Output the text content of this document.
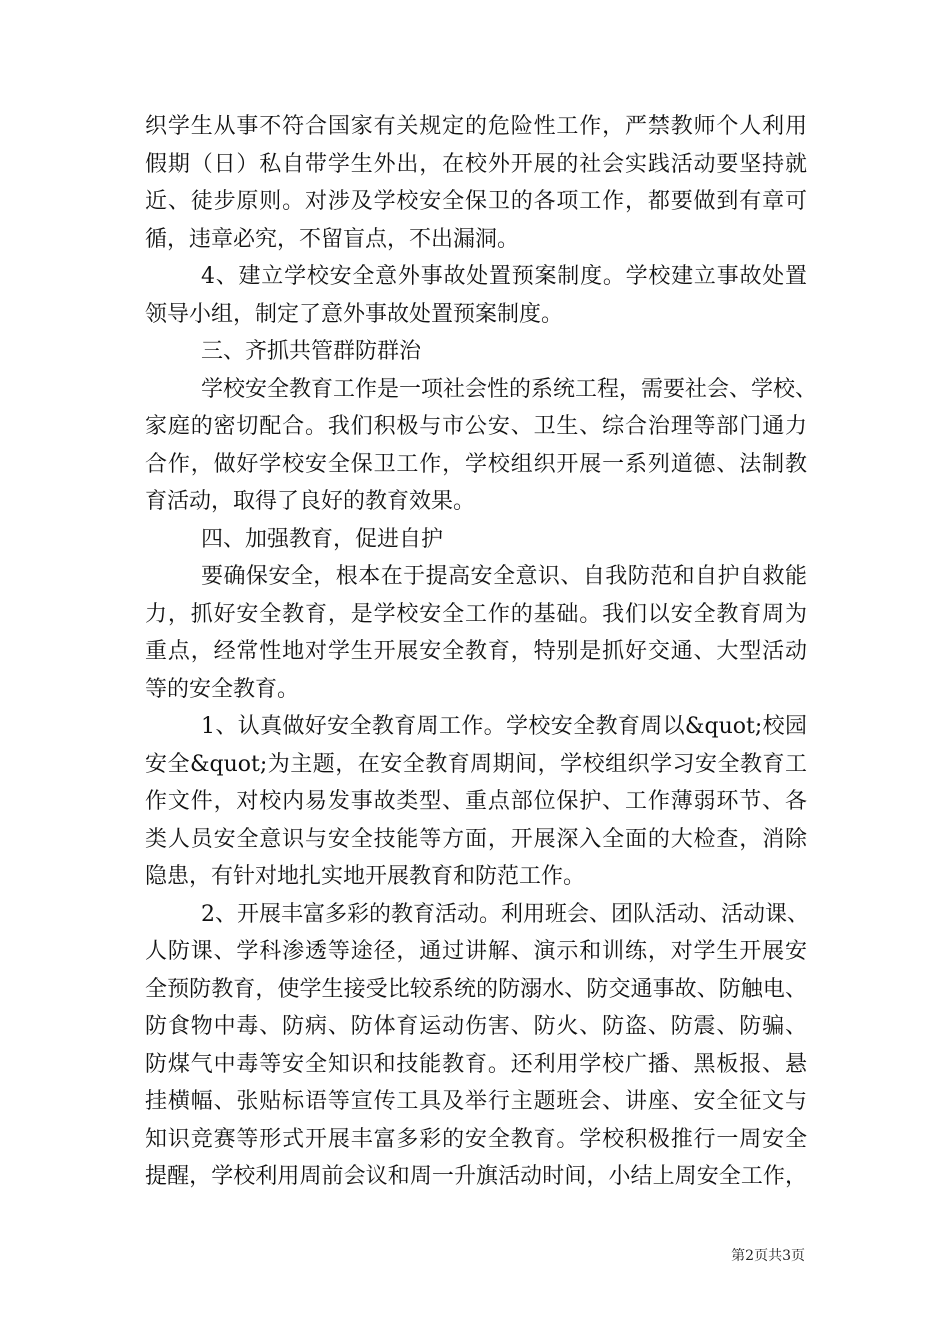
织学生从事不符合国家有关规定的危险性工作，严禁教师个人利用
假期（日）私自带学生外出，在校外开展的社会实践活动要坚持就
近、徒步原则。对涉及学校安全保卫的各项工作，都要做到有章可
循，违章必究，不留盲点，不出漏洞。
4、建立学校安全意外事故处置预案制度。学校建立事故处置
领导小组，制定了意外事故处置预案制度。
三、齐抓共管群防群治
学校安全教育工作是一项社会性的系统工程，需要社会、学校、
家庭的密切配合。我们积极与市公安、卫生、综合治理等部门通力
合作，做好学校安全保卫工作，学校组织开展一系列道德、法制教
育活动，取得了良好的教育效果。
四、加强教育，促进自护
要确保安全，根本在于提高安全意识、自我防范和自护自救能
力，抓好安全教育，是学校安全工作的基础。我们以安全教育周为
重点，经常性地对学生开展安全教育，特别是抓好交通、大型活动
等的安全教育。
1、认真做好安全教育周工作。学校安全教育周以&quot;校园
安全&quot;为主题，在安全教育周期间，学校组织学习安全教育工
作文件，对校内易发事故类型、重点部位保护、工作薄弱环节、各
类人员安全意识与安全技能等方面，开展深入全面的大检查，消除
隐患，有针对地扎实地开展教育和防范工作。
2、开展丰富多彩的教育活动。利用班会、团队活动、活动课、
人防课、学科渗透等途径，通过讲解、演示和训练，对学生开展安
全预防教育，使学生接受比较系统的防溺水、防交通事故、防触电、
防食物中毒、防病、防体育运动伤害、防火、防盗、防震、防骗、
防煤气中毒等安全知识和技能教育。还利用学校广播、黑板报、悬
挂横幅、张贴标语等宣传工具及举行主题班会、讲座、安全征文与
知识竞赛等形式开展丰富多彩的安全教育。学校积极推行一周安全
提醒，学校利用周前会议和周一升旗活动时间，小结上周安全工作，
第2页共3页
